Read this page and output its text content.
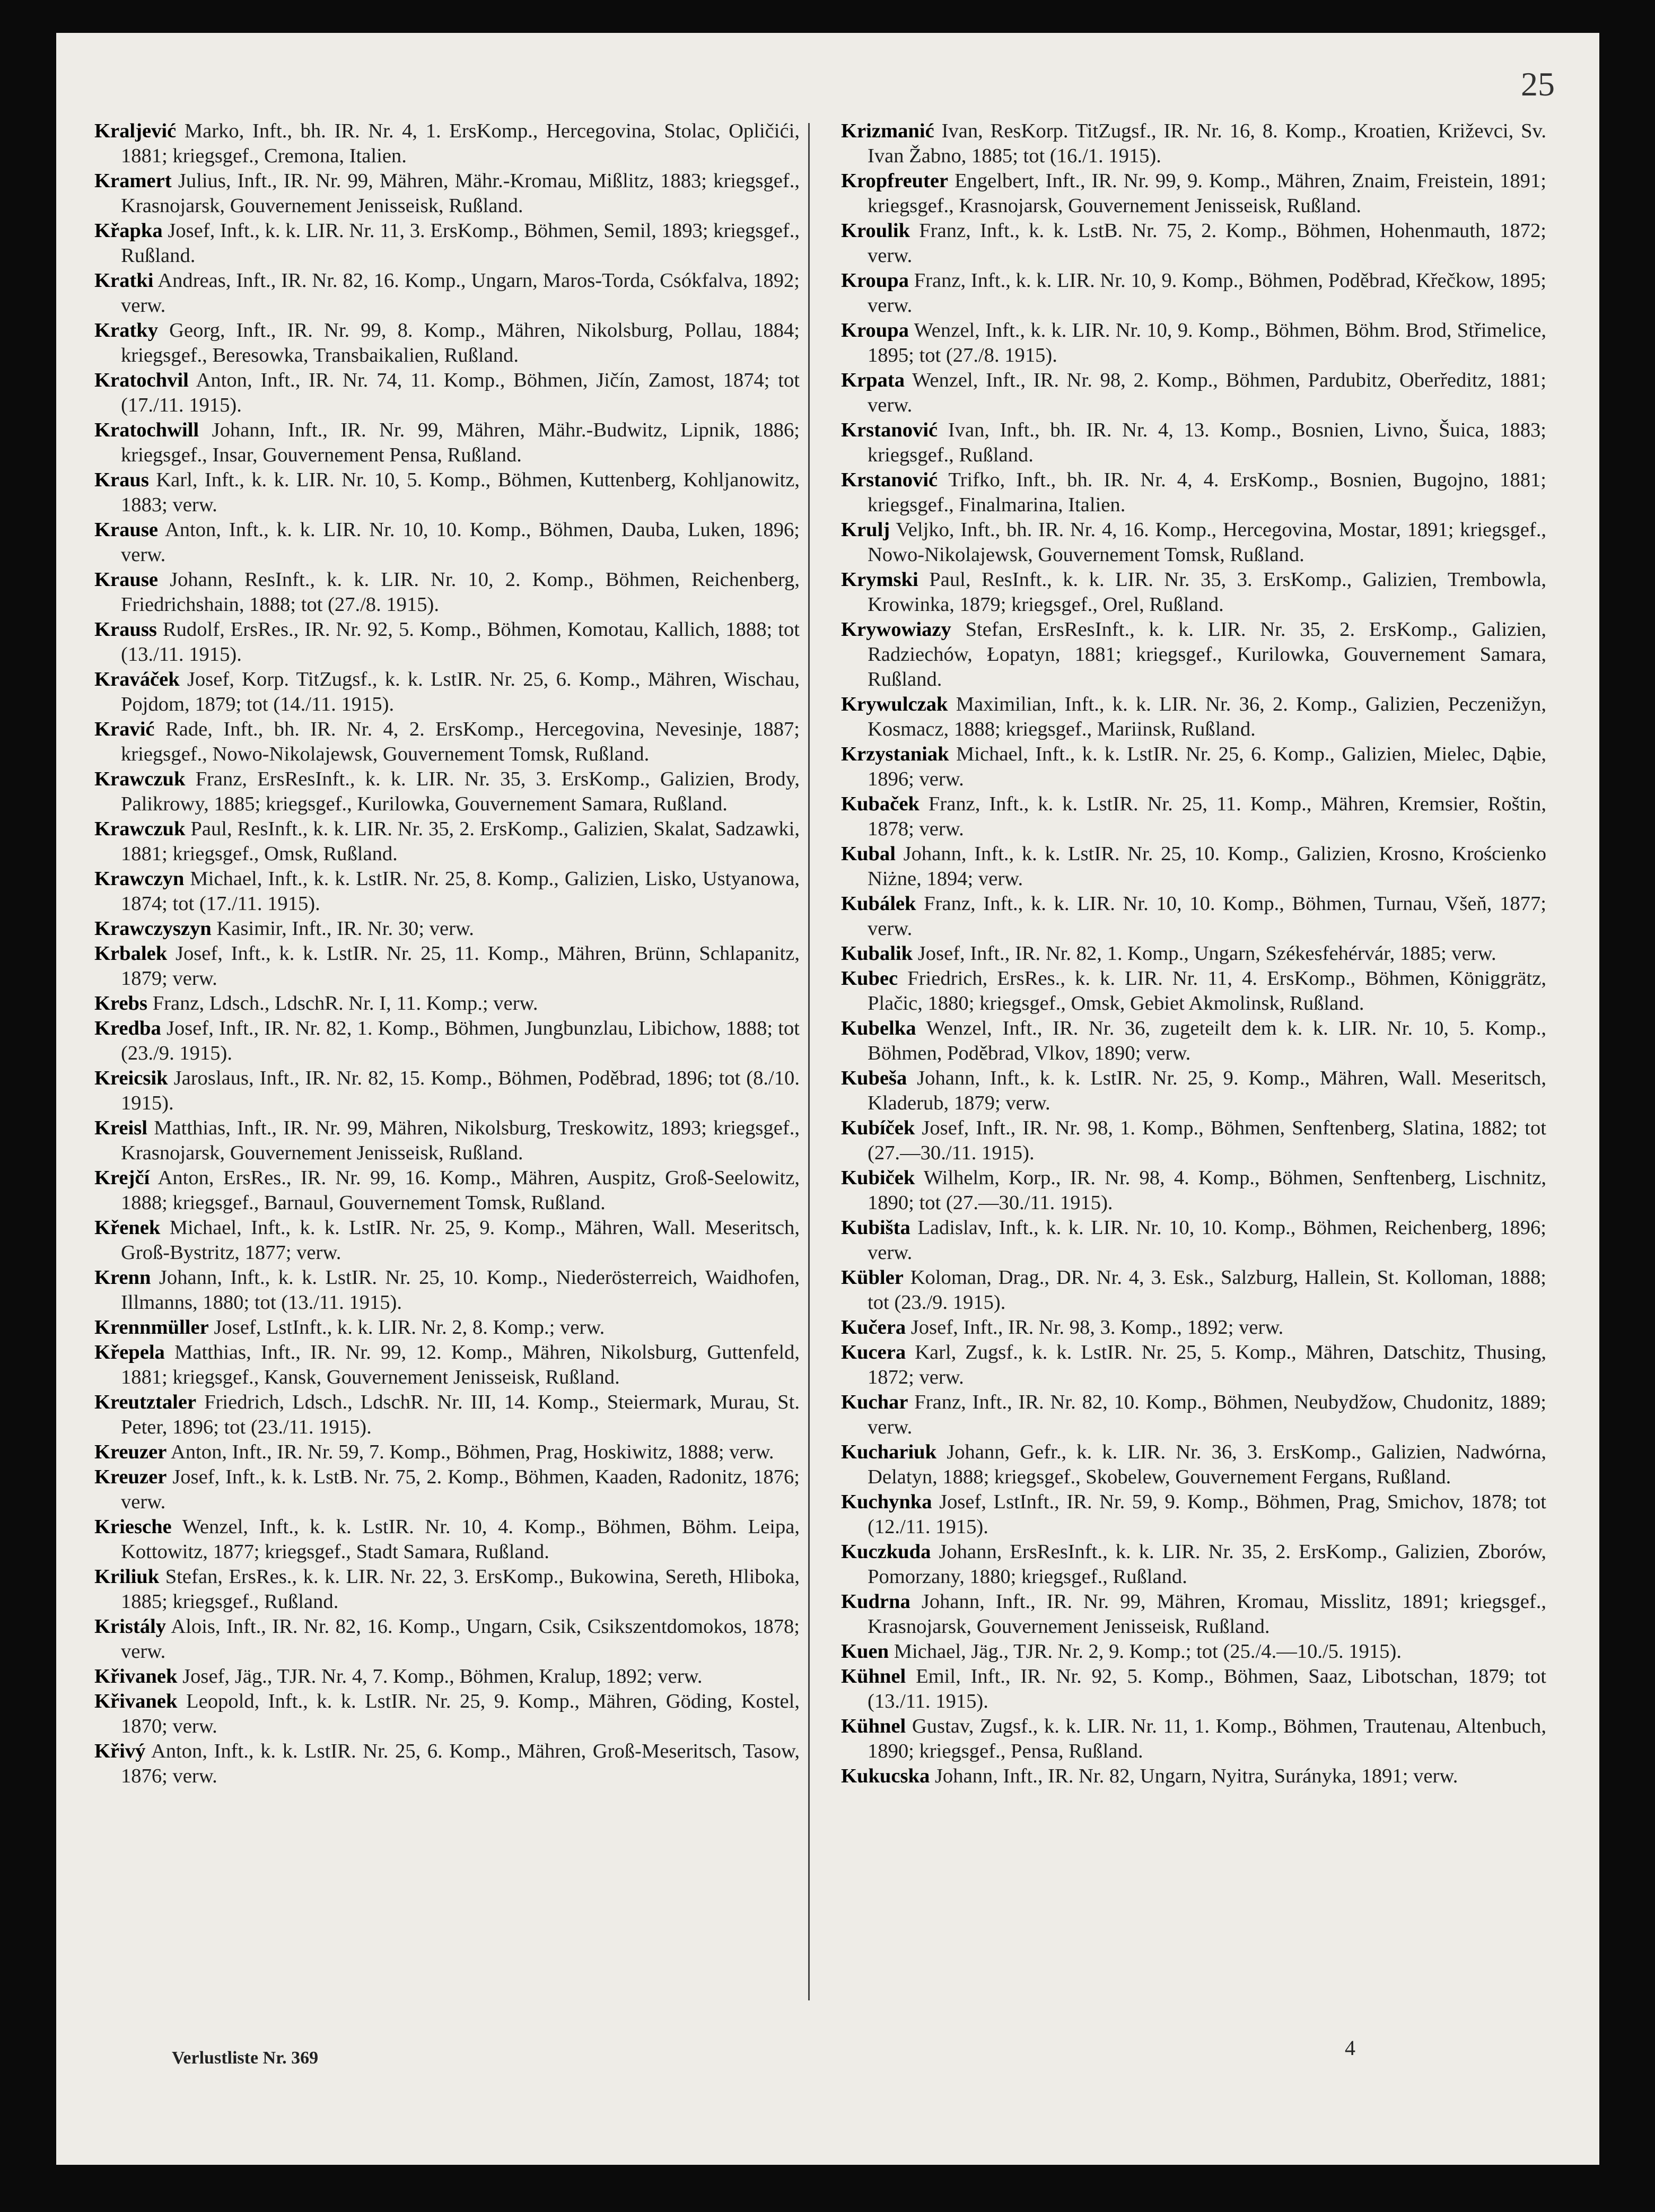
25
Kraljević Marko, Inft., bh. IR. Nr. 4, 1. ErsKomp., Hercegovina, Stolac, Opličići, 1881; kriegsgef., Cremona, Italien.
Kramert Julius, Inft., IR. Nr. 99, Mähren, Mähr.-Kromau, Mißlitz, 1883; kriegsgef., Krasnojarsk, Gouvernement Jenisseisk, Rußland.
Křapka Josef, Inft., k. k. LIR. Nr. 11, 3. ErsKomp., Böhmen, Semil, 1893; kriegsgef., Rußland.
Kratki Andreas, Inft., IR. Nr. 82, 16. Komp., Ungarn, Maros-Torda, Csókfalva, 1892; verw.
Kratky Georg, Inft., IR. Nr. 99, 8. Komp., Mähren, Nikolsburg, Pollau, 1884; kriegsgef., Beresowka, Transbaikalien, Rußland.
Kratochvil Anton, Inft., IR. Nr. 74, 11. Komp., Böhmen, Jičín, Zamost, 1874; tot (17./11. 1915).
Kratochwill Johann, Inft., IR. Nr. 99, Mähren, Mähr.-Budwitz, Lipnik, 1886; kriegsgef., Insar, Gouvernement Pensa, Rußland.
Kraus Karl, Inft., k. k. LIR. Nr. 10, 5. Komp., Böhmen, Kuttenberg, Kohljanowitz, 1883; verw.
Krause Anton, Inft., k. k. LIR. Nr. 10, 10. Komp., Böhmen, Dauba, Luken, 1896; verw.
Krause Johann, ResInft., k. k. LIR. Nr. 10, 2. Komp., Böhmen, Reichenberg, Friedrichshain, 1888; tot (27./8. 1915).
Krauss Rudolf, ErsRes., IR. Nr. 92, 5. Komp., Böhmen, Komotau, Kallich, 1888; tot (13./11. 1915).
Kraváček Josef, Korp. TitZugsf., k. k. LstIR. Nr. 25, 6. Komp., Mähren, Wischau, Pojdom, 1879; tot (14./11. 1915).
Kravić Rade, Inft., bh. IR. Nr. 4, 2. ErsKomp., Hercegovina, Nevesinje, 1887; kriegsgef., Nowo-Nikolajewsk, Gouvernement Tomsk, Rußland.
Krawczuk Franz, ErsResInft., k. k. LIR. Nr. 35, 3. ErsKomp., Galizien, Brody, Palikrowy, 1885; kriegsgef., Kurilowka, Gouvernement Samara, Rußland.
Krawczuk Paul, ResInft., k. k. LIR. Nr. 35, 2. ErsKomp., Galizien, Skalat, Sadzawki, 1881; kriegsgef., Omsk, Rußland.
Krawczyn Michael, Inft., k. k. LstIR. Nr. 25, 8. Komp., Galizien, Lisko, Ustyanowa, 1874; tot (17./11. 1915).
Krawczyszyn Kasimir, Inft., IR. Nr. 30; verw.
Krbalek Josef, Inft., k. k. LstIR. Nr. 25, 11. Komp., Mähren, Brünn, Schlapanitz, 1879; verw.
Krebs Franz, Ldsch., LdschR. Nr. I, 11. Komp.; verw.
Kredba Josef, Inft., IR. Nr. 82, 1. Komp., Böhmen, Jungbunzlau, Libichow, 1888; tot (23./9. 1915).
Kreicsik Jaroslaus, Inft., IR. Nr. 82, 15. Komp., Böhmen, Poděbrad, 1896; tot (8./10. 1915).
Kreisl Matthias, Inft., IR. Nr. 99, Mähren, Nikolsburg, Treskowitz, 1893; kriegsgef., Krasnojarsk, Gouvernement Jenisseisk, Rußland.
Krejčí Anton, ErsRes., IR. Nr. 99, 16. Komp., Mähren, Auspitz, Groß-Seelowitz, 1888; kriegsgef., Barnaul, Gouvernement Tomsk, Rußland.
Křenek Michael, Inft., k. k. LstIR. Nr. 25, 9. Komp., Mähren, Wall. Meseritsch, Groß-Bystritz, 1877; verw.
Krenn Johann, Inft., k. k. LstIR. Nr. 25, 10. Komp., Niederösterreich, Waidhofen, Illmanns, 1880; tot (13./11. 1915).
Krennmüller Josef, LstInft., k. k. LIR. Nr. 2, 8. Komp.; verw.
Křepela Matthias, Inft., IR. Nr. 99, 12. Komp., Mähren, Nikolsburg, Guttenfeld, 1881; kriegsgef., Kansk, Gouvernement Jenisseisk, Rußland.
Kreutztaler Friedrich, Ldsch., LdschR. Nr. III, 14. Komp., Steiermark, Murau, St. Peter, 1896; tot (23./11. 1915).
Kreuzer Anton, Inft., IR. Nr. 59, 7. Komp., Böhmen, Prag, Hoskiwitz, 1888; verw.
Kreuzer Josef, Inft., k. k. LstB. Nr. 75, 2. Komp., Böhmen, Kaaden, Radonitz, 1876; verw.
Kriesche Wenzel, Inft., k. k. LstIR. Nr. 10, 4. Komp., Böhmen, Böhm. Leipa, Kottowitz, 1877; kriegsgef., Stadt Samara, Rußland.
Kriliuk Stefan, ErsRes., k. k. LIR. Nr. 22, 3. ErsKomp., Bukowina, Sereth, Hliboka, 1885; kriegsgef., Rußland.
Kristály Alois, Inft., IR. Nr. 82, 16. Komp., Ungarn, Csik, Csikszentdomokos, 1878; verw.
Křivanek Josef, Jäg., TJR. Nr. 4, 7. Komp., Böhmen, Kralup, 1892; verw.
Křivanek Leopold, Inft., k. k. LstIR. Nr. 25, 9. Komp., Mähren, Göding, Kostel, 1870; verw.
Křivý Anton, Inft., k. k. LstIR. Nr. 25, 6. Komp., Mähren, Groß-Meseritsch, Tasow, 1876; verw.
Krizmanić Ivan, ResKorp. TitZugsf., IR. Nr. 16, 8. Komp., Kroatien, Križevci, Sv. Ivan Žabno, 1885; tot (16./1. 1915).
Kropfreuter Engelbert, Inft., IR. Nr. 99, 9. Komp., Mähren, Znaim, Freistein, 1891; kriegsgef., Krasnojarsk, Gouvernement Jenisseisk, Rußland.
Kroulik Franz, Inft., k. k. LstB. Nr. 75, 2. Komp., Böhmen, Hohenmauth, 1872; verw.
Kroupa Franz, Inft., k. k. LIR. Nr. 10, 9. Komp., Böhmen, Poděbrad, Křečkow, 1895; verw.
Kroupa Wenzel, Inft., k. k. LIR. Nr. 10, 9. Komp., Böhmen, Böhm. Brod, Střimelice, 1895; tot (27./8. 1915).
Krpata Wenzel, Inft., IR. Nr. 98, 2. Komp., Böhmen, Pardubitz, Oberředitz, 1881; verw.
Krstanović Ivan, Inft., bh. IR. Nr. 4, 13. Komp., Bosnien, Livno, Šuica, 1883; kriegsgef., Rußland.
Krstanović Trifko, Inft., bh. IR. Nr. 4, 4. ErsKomp., Bosnien, Bugojno, 1881; kriegsgef., Finalmarina, Italien.
Krulj Veljko, Inft., bh. IR. Nr. 4, 16. Komp., Hercegovina, Mostar, 1891; kriegsgef., Nowo-Nikolajewsk, Gouvernement Tomsk, Rußland.
Krymski Paul, ResInft., k. k. LIR. Nr. 35, 3. ErsKomp., Galizien, Trembowla, Krowinka, 1879; kriegsgef., Orel, Rußland.
Krywowiazy Stefan, ErsResInft., k. k. LIR. Nr. 35, 2. ErsKomp., Galizien, Radziechów, Łopatyn, 1881; kriegsgef., Kurilowka, Gouvernement Samara, Rußland.
Krywulczak Maximilian, Inft., k. k. LIR. Nr. 36, 2. Komp., Galizien, Peczenižyn, Kosmacz, 1888; kriegsgef., Mariinsk, Rußland.
Krzystaniak Michael, Inft., k. k. LstIR. Nr. 25, 6. Komp., Galizien, Mielec, Dąbie, 1896; verw.
Kubaček Franz, Inft., k. k. LstIR. Nr. 25, 11. Komp., Mähren, Kremsier, Roštin, 1878; verw.
Kubal Johann, Inft., k. k. LstIR. Nr. 25, 10. Komp., Galizien, Krosno, Krościenko Niżne, 1894; verw.
Kubálek Franz, Inft., k. k. LIR. Nr. 10, 10. Komp., Böhmen, Turnau, Všeň, 1877; verw.
Kubalik Josef, Inft., IR. Nr. 82, 1. Komp., Ungarn, Székesfehérvár, 1885; verw.
Kubec Friedrich, ErsRes., k. k. LIR. Nr. 11, 4. ErsKomp., Böhmen, Königgrätz, Plačic, 1880; kriegsgef., Omsk, Gebiet Akmolinsk, Rußland.
Kubelka Wenzel, Inft., IR. Nr. 36, zugeteilt dem k. k. LIR. Nr. 10, 5. Komp., Böhmen, Poděbrad, Vlkov, 1890; verw.
Kubeša Johann, Inft., k. k. LstIR. Nr. 25, 9. Komp., Mähren, Wall. Meseritsch, Kladerub, 1879; verw.
Kubíček Josef, Inft., IR. Nr. 98, 1. Komp., Böhmen, Senftenberg, Slatina, 1882; tot (27.—30./11. 1915).
Kubiček Wilhelm, Korp., IR. Nr. 98, 4. Komp., Böhmen, Senftenberg, Lischnitz, 1890; tot (27.—30./11. 1915).
Kubišta Ladislav, Inft., k. k. LIR. Nr. 10, 10. Komp., Böhmen, Reichenberg, 1896; verw.
Kübler Koloman, Drag., DR. Nr. 4, 3. Esk., Salzburg, Hallein, St. Kolloman, 1888; tot (23./9. 1915).
Kučera Josef, Inft., IR. Nr. 98, 3. Komp., 1892; verw.
Kucera Karl, Zugsf., k. k. LstIR. Nr. 25, 5. Komp., Mähren, Datschitz, Thusing, 1872; verw.
Kuchar Franz, Inft., IR. Nr. 82, 10. Komp., Böhmen, Neubydžow, Chudonitz, 1889; verw.
Kuchariuk Johann, Gefr., k. k. LIR. Nr. 36, 3. ErsKomp., Galizien, Nadwórna, Delatyn, 1888; kriegsgef., Skobelew, Gouvernement Fergans, Rußland.
Kuchynka Josef, LstInft., IR. Nr. 59, 9. Komp., Böhmen, Prag, Smichov, 1878; tot (12./11. 1915).
Kuczkuda Johann, ErsResInft., k. k. LIR. Nr. 35, 2. ErsKomp., Galizien, Zborów, Pomorzany, 1880; kriegsgef., Rußland.
Kudrna Johann, Inft., IR. Nr. 99, Mähren, Kromau, Misslitz, 1891; kriegsgef., Krasnojarsk, Gouvernement Jenisseisk, Rußland.
Kuen Michael, Jäg., TJR. Nr. 2, 9. Komp.; tot (25./4.—10./5. 1915).
Kühnel Emil, Inft., IR. Nr. 92, 5. Komp., Böhmen, Saaz, Libotschan, 1879; tot (13./11. 1915).
Kühnel Gustav, Zugsf., k. k. LIR. Nr. 11, 1. Komp., Böhmen, Trautenau, Altenbuch, 1890; kriegsgef., Pensa, Rußland.
Kukucska Johann, Inft., IR. Nr. 82, Ungarn, Nyitra, Surányka, 1891; verw.
Verlustliste Nr. 369	4
